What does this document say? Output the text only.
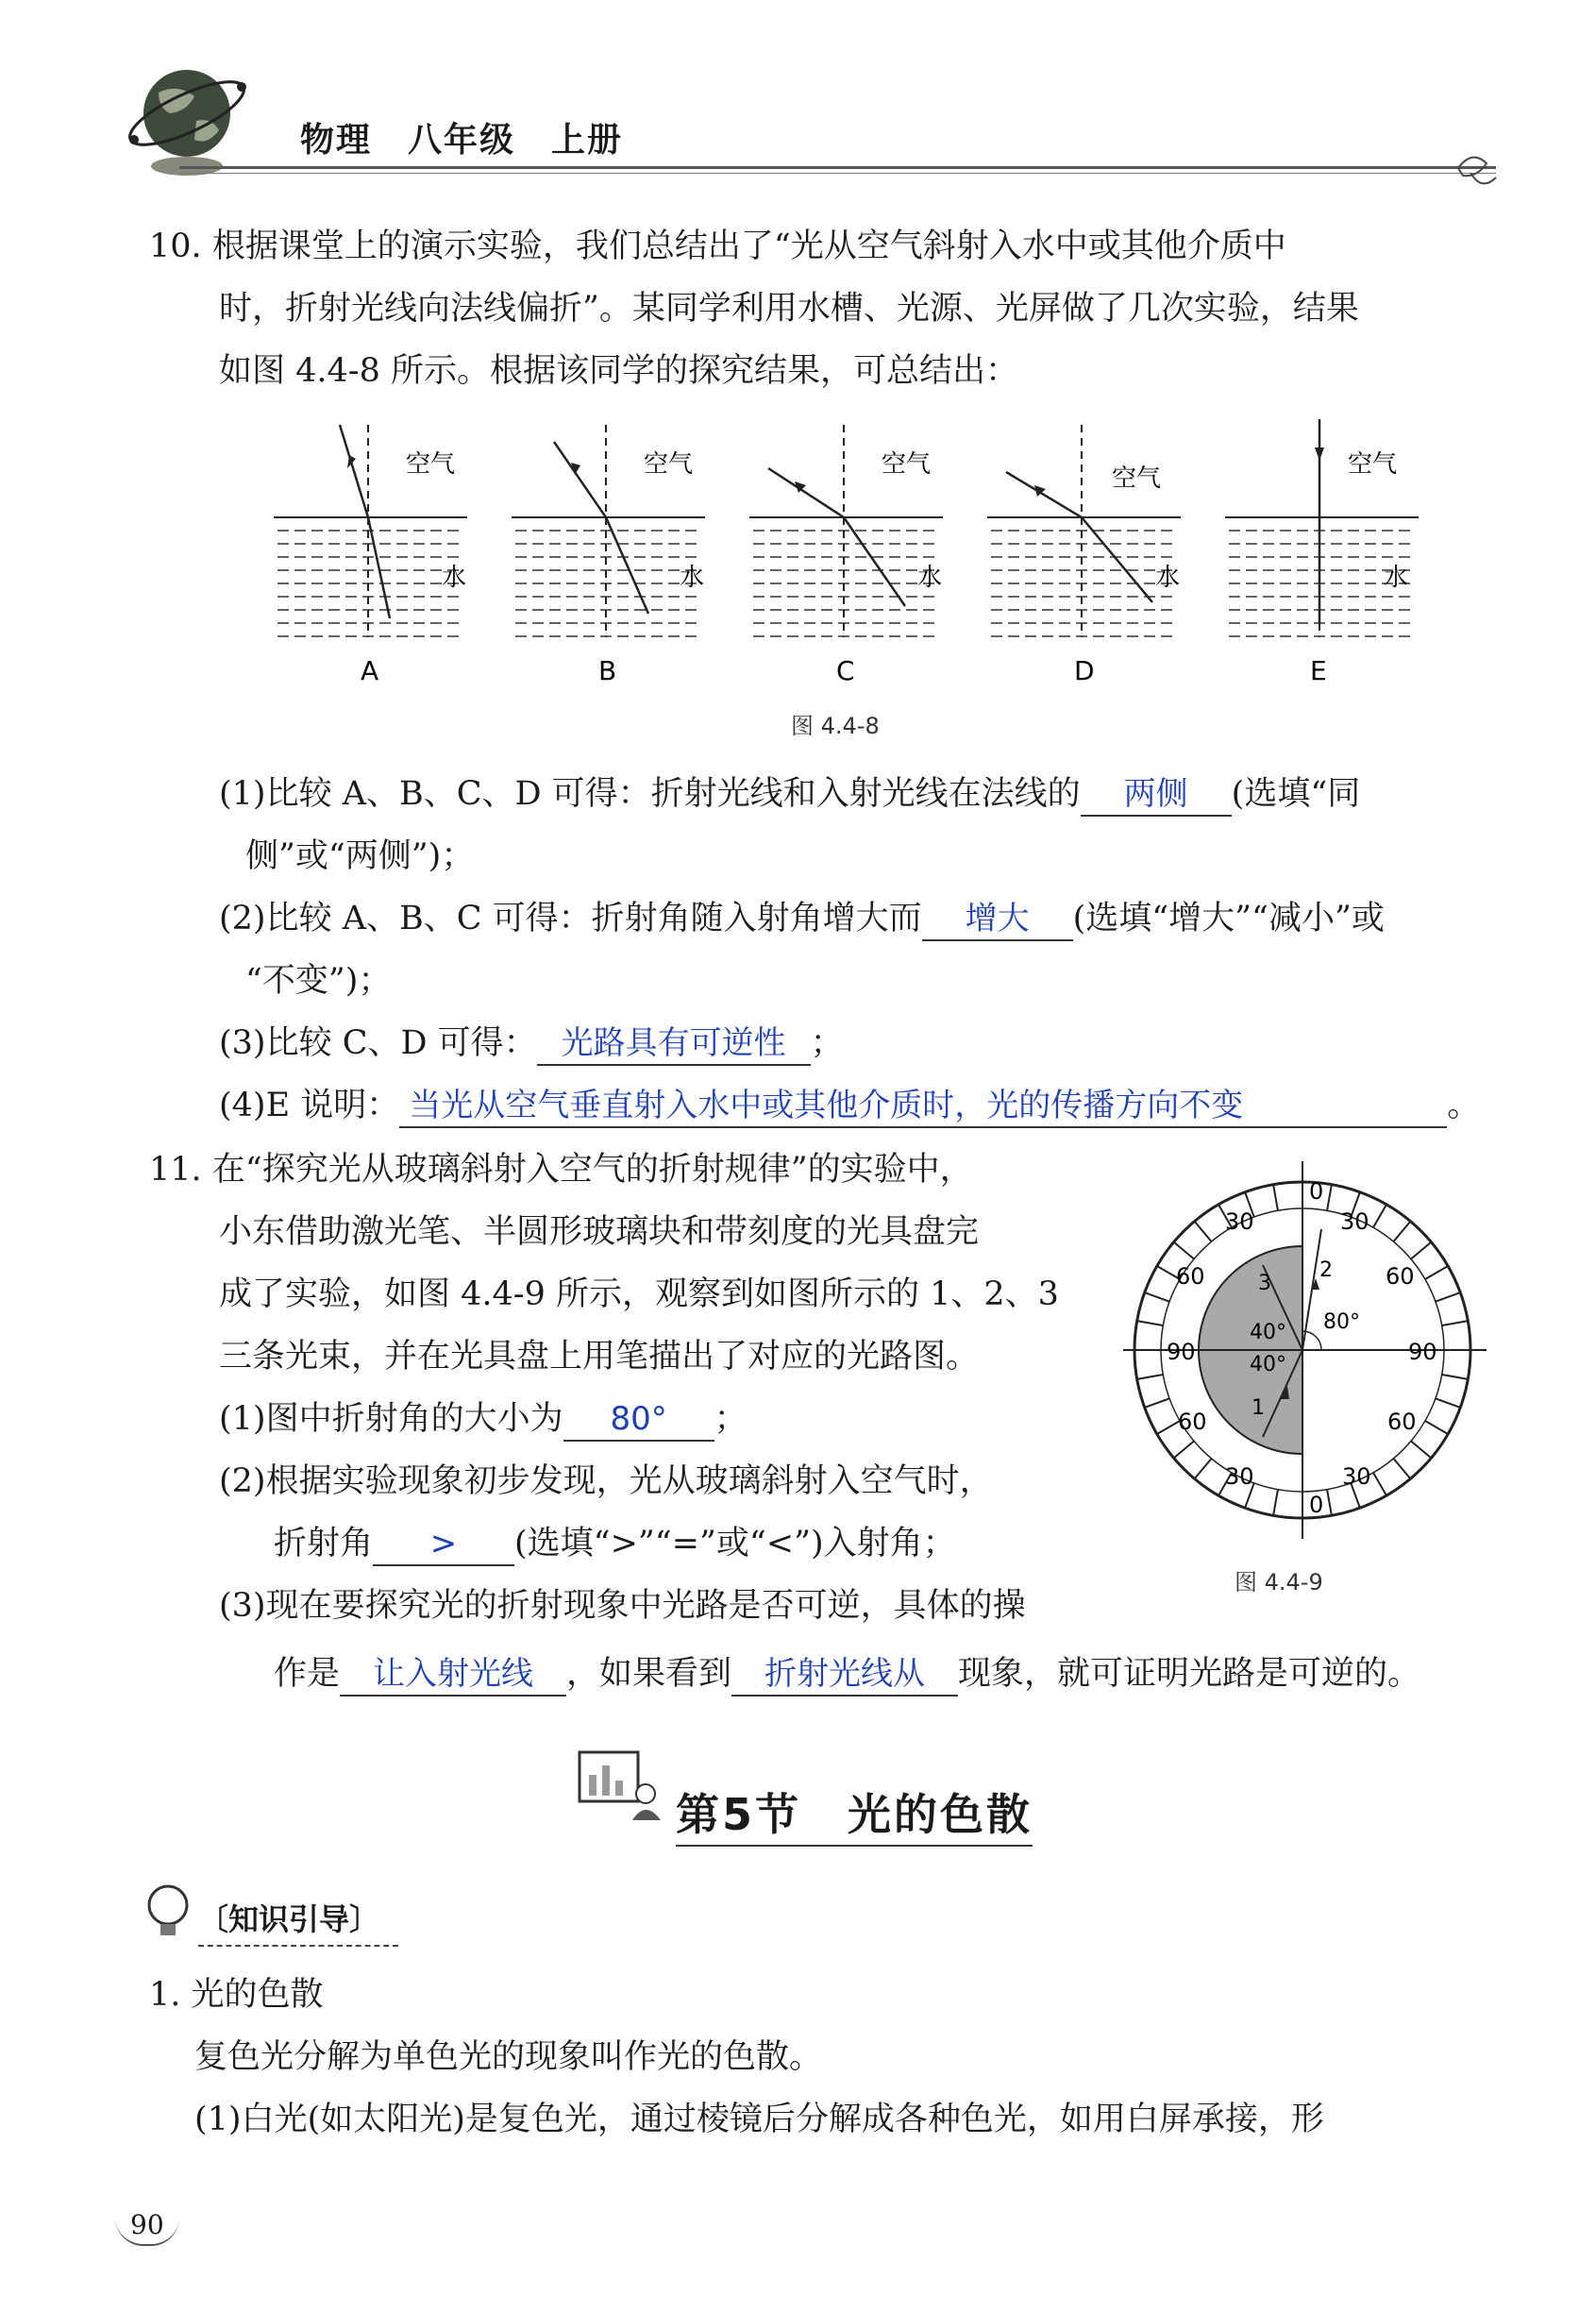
物理　八年级　上册
10. 根据课堂上的演示实验，我们总结出了“光从空气斜射入水中或其他介质中
时，折射光线向法线偏折”。某同学利用水槽、光源、光屏做了几次实验，结果
如图 4.4-8 所示。根据该同学的探究结果，可总结出：
空气
水
A
空气
水
B
空气
水
C
空气
水
D
空气
水
E
图 4.4-8
(1)比较 A、B、C、D 可得：折射光线和入射光线在法线的 两侧 (选填“同
侧”或“两侧”)；
(2)比较 A、B、C 可得：折射角随入射角增大而 增大 (选填“增大”“减小”或
“不变”)；
(3)比较 C、D 可得： 光路具有可逆性 ；
(4)E 说明： 当光从空气垂直射入水中或其他介质时，光的传播方向不变	。
11. 在“探究光从玻璃斜射入空气的折射规律”的实验中，
小东借助激光笔、半圆形玻璃块和带刻度的光具盘完
成了实验，如图 4.4-9 所示，观察到如图所示的 1、2、3
三条光束，并在光具盘上用笔描出了对应的光路图。
(1)图中折射角的大小为 80° ；
(2)根据实验现象初步发现，光从玻璃斜射入空气时，
折射角 > (选填“>”“=”或“<”)入射角；
(3)现在要探究光的折射现象中光路是否可逆，具体的操
作是 让入射光线 ，如果看到 折射光线从 现象，就可证明光路是可逆的。
0
30
60
90
90
60
30
0
30
60
60
30
80°
40°
40°
1
2
3
图 4.4-9
第5节　光的色散
〔知识引导〕
1. 光的色散
复色光分解为单色光的现象叫作光的色散。
(1)白光(如太阳光)是复色光，通过棱镜后分解成各种色光，如用白屏承接，形
90
